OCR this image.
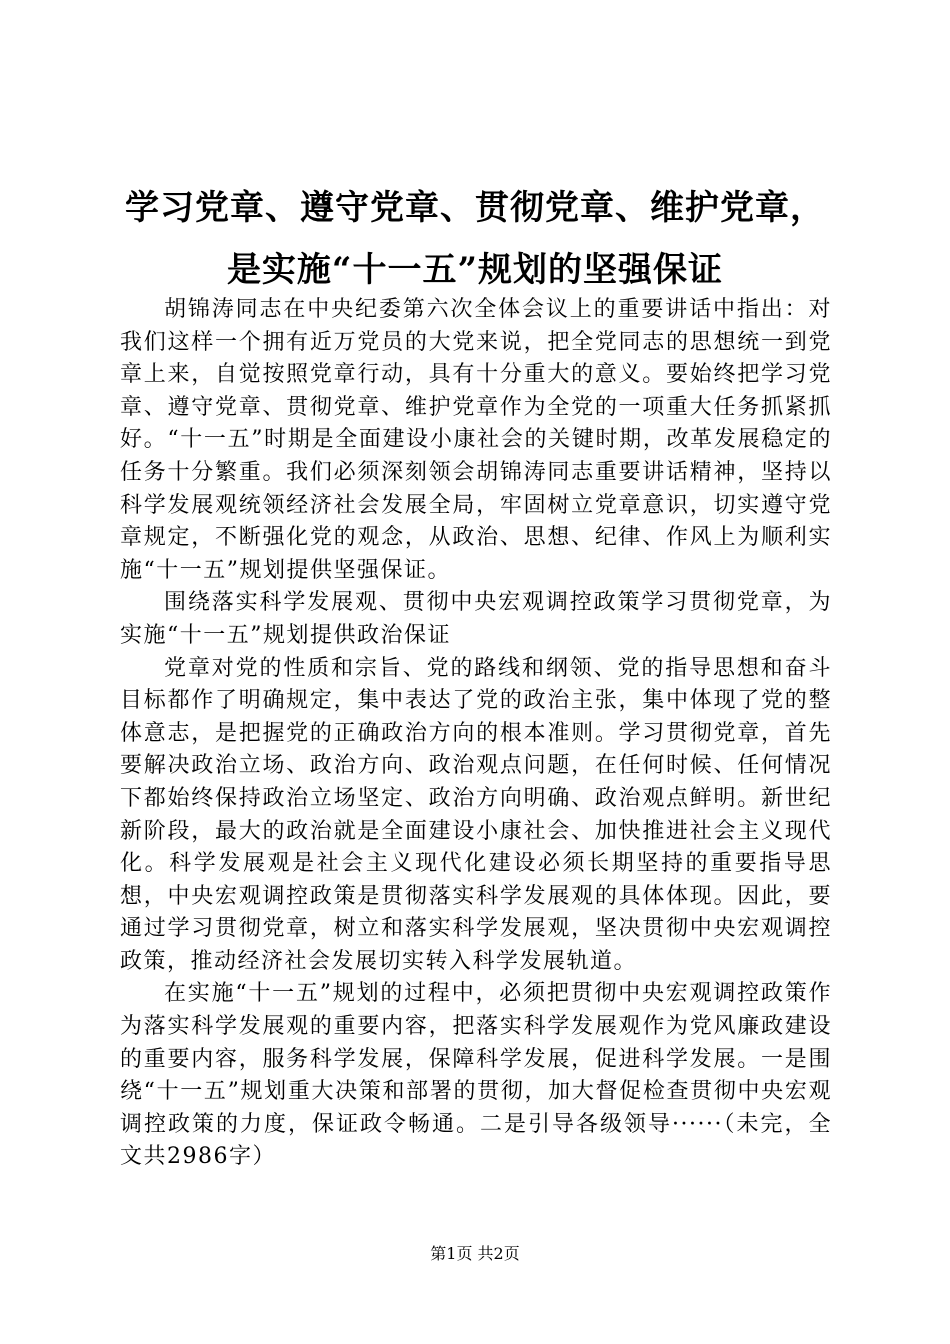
学习党章、遵守党章、贯彻党章、维护党章，
是实施“十一五”规划的坚强保证

胡锦涛同志在中央纪委第六次全体会议上的重要讲话中指出：对我们这样一个拥有近万党员的大党来说，把全党同志的思想统一到党章上来，自觉按照党章行动，具有十分重大的意义。要始终把学习党章、遵守党章、贯彻党章、维护党章作为全党的一项重大任务抓紧抓好。“十一五”时期是全面建设小康社会的关键时期，改革发展稳定的任务十分繁重。我们必须深刻领会胡锦涛同志重要讲话精神，坚持以科学发展观统领经济社会发展全局，牢固树立党章意识，切实遵守党章规定，不断强化党的观念，从政治、思想、纪律、作风上为顺利实施“十一五”规划提供坚强保证。

围绕落实科学发展观、贯彻中央宏观调控政策学习贯彻党章，为实施“十一五”规划提供政治保证

党章对党的性质和宗旨、党的路线和纲领、党的指导思想和奋斗目标都作了明确规定，集中表达了党的政治主张，集中体现了党的整体意志，是把握党的正确政治方向的根本准则。学习贯彻党章，首先要解决政治立场、政治方向、政治观点问题，在任何时候、任何情况下都始终保持政治立场坚定、政治方向明确、政治观点鲜明。新世纪新阶段，最大的政治就是全面建设小康社会、加快推进社会主义现代化。科学发展观是社会主义现代化建设必须长期坚持的重要指导思想，中央宏观调控政策是贯彻落实科学发展观的具体体现。因此，要通过学习贯彻党章，树立和落实科学发展观，坚决贯彻中央宏观调控政策，推动经济社会发展切实转入科学发展轨道。

在实施“十一五”规划的过程中，必须把贯彻中央宏观调控政策作为落实科学发展观的重要内容，把落实科学发展观作为党风廉政建设的重要内容，服务科学发展，保障科学发展，促进科学发展。一是围绕“十一五”规划重大决策和部署的贯彻，加大督促检查贯彻中央宏观调控政策的力度，保证政令畅通。二是引导各级领导······（未完，全文共2986字）

第1页 共2页
